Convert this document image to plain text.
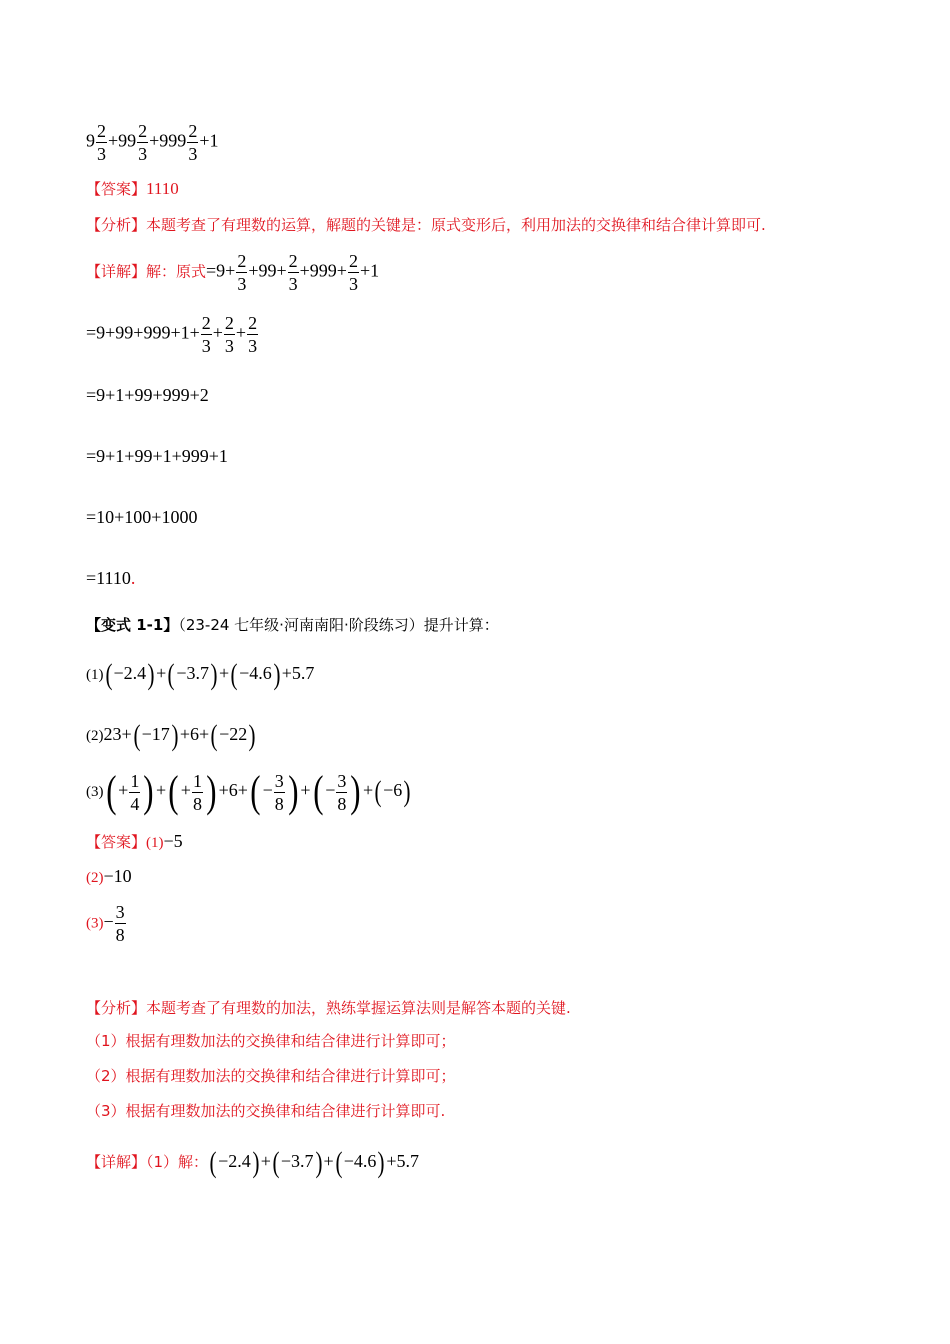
$9 \frac{2}{3} +99 \frac{2}{3} +999 \frac{2}{3} +1$
【答案】1110
【分析】本题考查了有理数的运算，解题的关键是：原式变形后，利用加法的交换律和结合律计算即可.
【详解】解：原式$=9+ \frac{2}{3} +99+ \frac{2}{3} +999+ \frac{2}{3} +1$
$=9+99+999+1+ \frac{2}{3} + \frac{2}{3} + \frac{2}{3}$
=9+1+99+999+2
=9+1+99+1+999+1
=10+100+1000
=1110.
【变式 1-1】（23-24 七年级·河南南阳·阶段练习）提升计算：
(1)(−2.4)+(−3.7)+(−4.6)+5.7
(2)23+(−17)+6+(−22)
$(3)( + \frac{1}{4}$ ) +( + $\frac{1}{8}$ ) $+6+( - \frac{3}{8}$ ) +( − $\frac{3}{8}$ ) +(−6)
【答案】(1)−5
(2)−10
$(3)- \frac{3}{8}$
【分析】本题考查了有理数的加法，熟练掌握运算法则是解答本题的关键.
（1）根据有理数加法的交换律和结合律进行计算即可；
（2）根据有理数加法的交换律和结合律进行计算即可；
（3）根据有理数加法的交换律和结合律进行计算即可.
【详解】（1）解：(−2.4)+(−3.7)+(−4.6)+5.7
